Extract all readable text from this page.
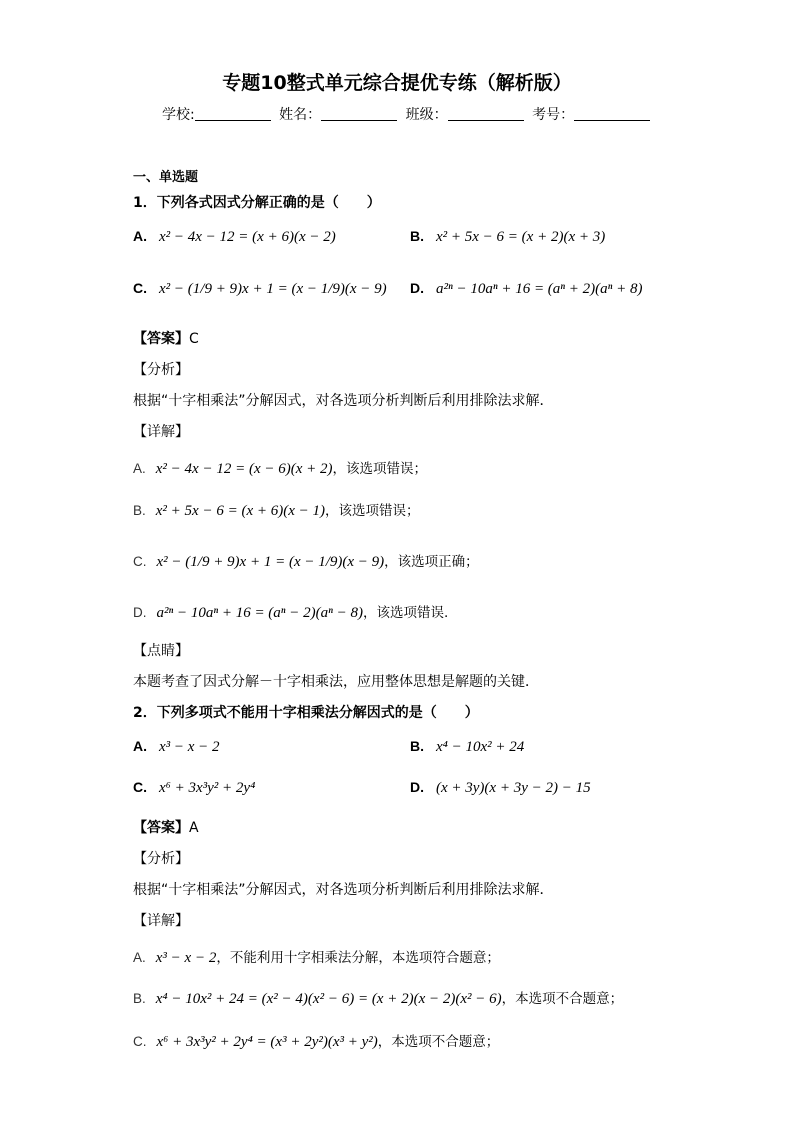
专题10整式单元综合提优专练（解析版）
学校:	姓名：	班级：	考号：
一、单选题
1．下列各式因式分解正确的是（　　）
A. x² − 4x − 12 = (x + 6)(x − 2)	B. x² + 5x − 6 = (x + 2)(x + 3)
C. x² − (1/9 + 9)x + 1 = (x − 1/9)(x − 9) D. a²ⁿ − 10aⁿ + 16 = (aⁿ + 2)(aⁿ + 8)
【答案】C
【分析】
根据“十字相乘法”分解因式，对各选项分析判断后利用排除法求解．
【详解】
A. x² − 4x − 12 = (x − 6)(x + 2)，该选项错误；
B. x² + 5x − 6 = (x + 6)(x − 1)，该选项错误；
C. x² − (1/9 + 9)x + 1 = (x − 1/9)(x − 9)，该选项正确；
D. a²ⁿ − 10aⁿ + 16 = (aⁿ − 2)(aⁿ − 8)，该选项错误.
【点睛】
本题考查了因式分解－十字相乘法，应用整体思想是解题的关键．
2．下列多项式不能用十字相乘法分解因式的是（　　）
A. x³ − x − 2	B. x⁴ − 10x² + 24
C. x⁶ + 3x³y² + 2y⁴	D. (x + 3y)(x + 3y − 2) − 15
【答案】A
【分析】
根据“十字相乘法”分解因式，对各选项分析判断后利用排除法求解．
【详解】
A. x³ − x − 2，不能利用十字相乘法分解，本选项符合题意；
B. x⁴ − 10x² + 24 = (x² − 4)(x² − 6) = (x + 2)(x − 2)(x² − 6)，本选项不合题意；
C. x⁶ + 3x³y² + 2y⁴ = (x³ + 2y²)(x³ + y²)，本选项不合题意；
